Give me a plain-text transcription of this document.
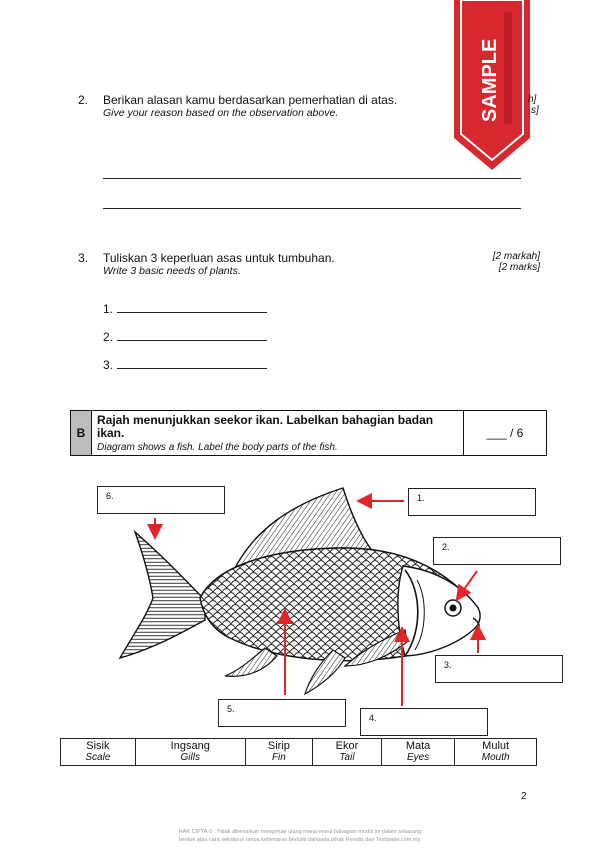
SAMPLE
2. Berikan alasan kamu berdasarkan pemerhatian di atas.
Give your reason based on the observation above.
h]
s]
3. Tuliskan 3 keperluan asas untuk tumbuhan.
Write 3 basic needs of plants.
[2 markah]
[2 marks]
1.
2.
3.
B
Rajah menunjukkan seekor ikan. Labelkan bahagian badan ikan.
Diagram shows a fish. Label the body parts of the fish.
___ / 6
6.	1.
2.
3.
5.
4.
Sisik
Scale

Ingsang
Gills

Sirip
Fin

Ekor
Tail

Mata
Eyes

Mulut
Mouth
2
HAK CIPTA © : Tidak dibenarkan mengeluar ulang mana-mana bahagian modul ini dalam sebarang
bentuk atau cara sekalipun tanpa kebenaran bertulis daripada pihak Penulis dan Tesbpajar.com.my.
